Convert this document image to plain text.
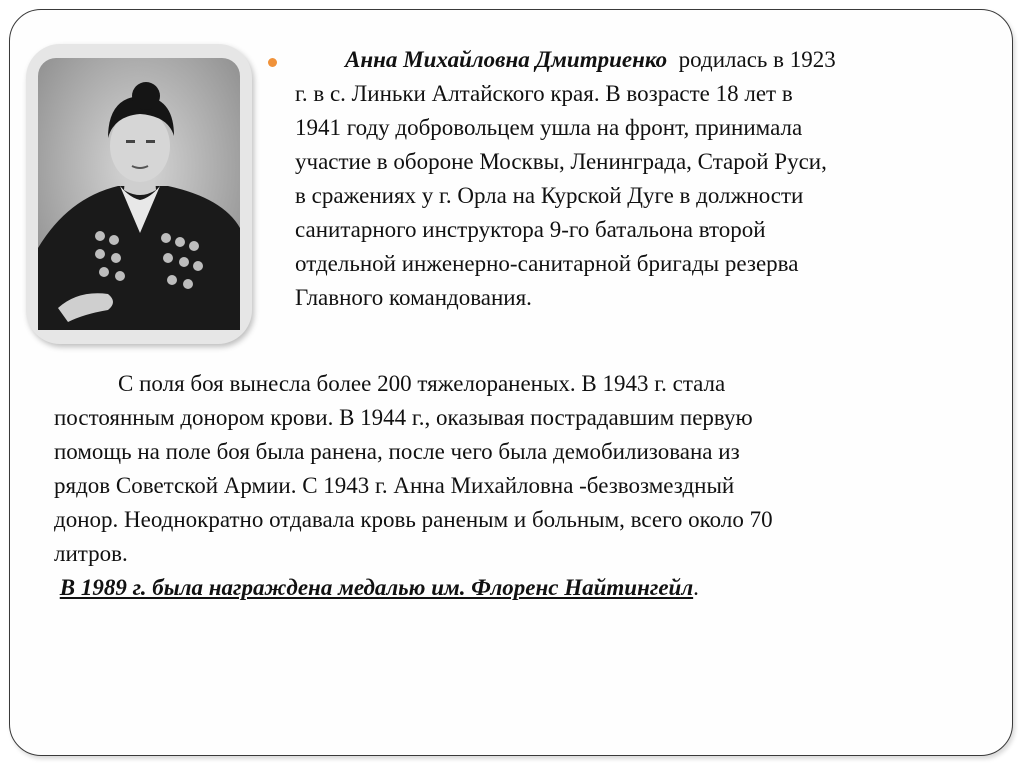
Анна Михайловна Дмитриенко родилась в 1923
г. в с. Линьки Алтайского края. В возрасте 18 лет в
1941 году добровольцем ушла на фронт, принимала
участие в обороне Москвы, Ленинграда, Старой Руси,
в сражениях у г. Орла на Курской Дуге в должности
санитарного инструктора 9-го батальона второй
отдельной инженерно-санитарной бригады резерва
Главного командования.
С поля боя вынесла более 200 тяжелораненых. В 1943 г. стала
постоянным донором крови. В 1944 г., оказывая пострадавшим первую
помощь на поле боя была ранена, после чего была демобилизована из
рядов Советской Армии. С 1943 г. Анна Михайловна -безвозмездный
донор. Неоднократно отдавала кровь раненым и больным, всего около 70
литров.
В 1989 г. была награждена медалью им. Флоренс Найтингейл.
